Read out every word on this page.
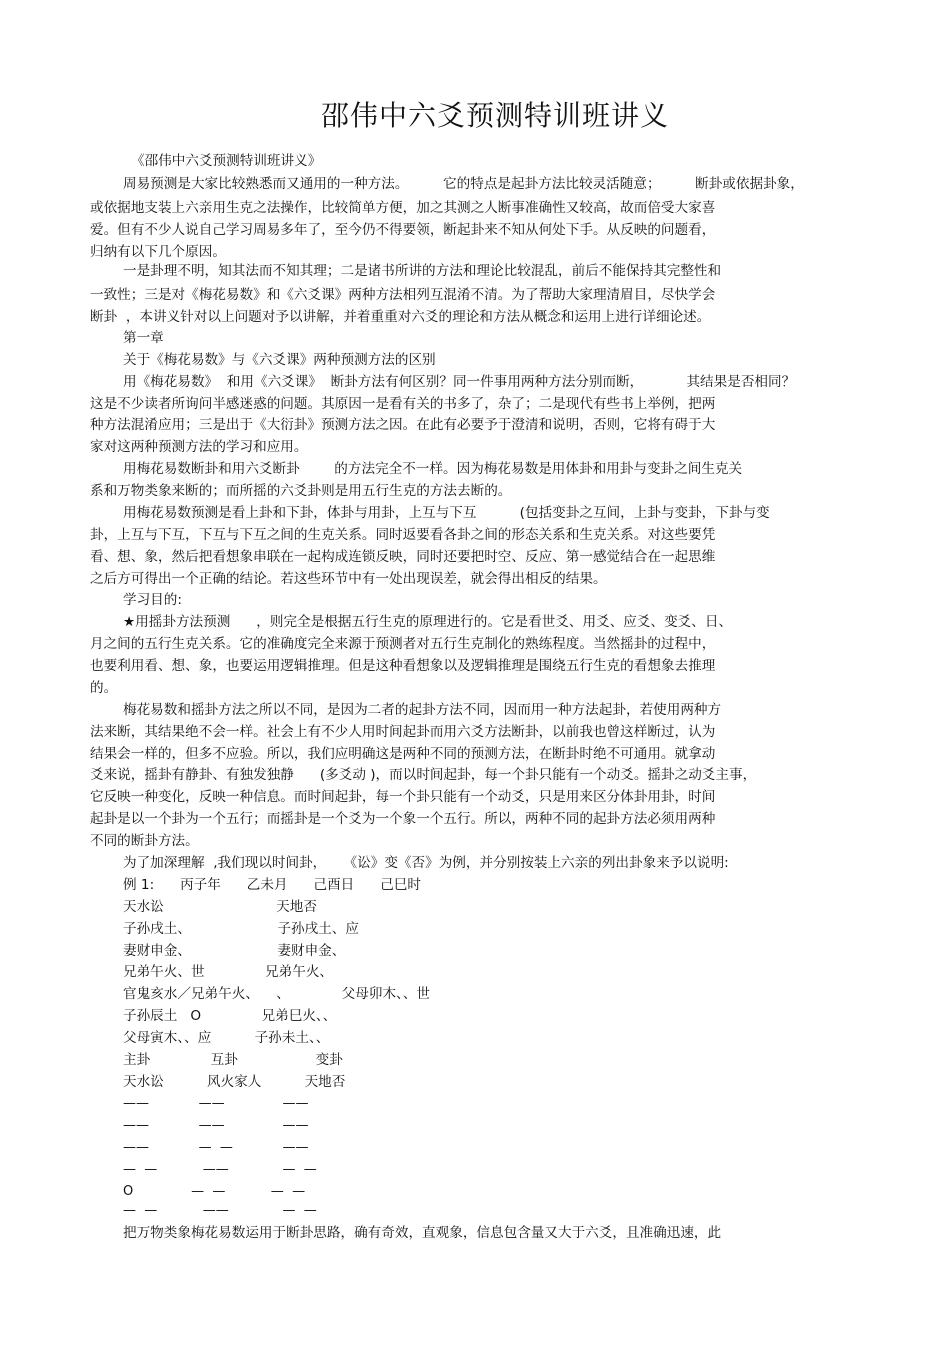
邵伟中六爻预测特训班讲义
《邵伟中六爻预测特训班讲义》
周易预测是大家比较熟悉而又通用的一种方法。        它的特点是起卦方法比较灵活随意；        断卦或依据卦象，
或依据地支装上六亲用生克之法操作，比较简单方便，加之其测之人断事准确性又较高，故而倍受大家喜
爱。但有不少人说自己学习周易多年了，至今仍不得要领，断起卦来不知从何处下手。从反映的问题看，
归纳有以下几个原因。
一是卦理不明，知其法而不知其理；二是诸书所讲的方法和理论比较混乱，前后不能保持其完整性和
一致性；三是对《梅花易数》和《六爻课》两种方法相列互混淆不清。为了帮助大家理清眉目，尽快学会
断卦  ，本讲义针对以上问题对予以讲解，并着重重对六爻的理论和方法从概念和运用上进行详细论述。
第一章
关于《梅花易数》与《六爻课》两种预测方法的区别
用《梅花易数》  和用《六爻课》  断卦方法有何区别？同一件事用两种方法分别而断，          其结果是否相同？
这是不少读者所询问半感迷惑的问题。其原因一是看有关的书多了，杂了；二是现代有些书上举例，把两
种方法混淆应用；三是出于《大衍卦》预测方法之因。在此有必要予于澄清和说明，否则，它将有碍于大
家对这两种预测方法的学习和应用。
用梅花易数断卦和用六爻断卦        的方法完全不一样。因为梅花易数是用体卦和用卦与变卦之间生克关
系和万物类象来断的；而所摇的六爻卦则是用五行生克的方法去断的。
用梅花易数预测是看上卦和下卦，体卦与用卦，上互与下互          (包括变卦之互间，上卦与变卦，下卦与变
卦，上互与下互，下互与下互之间的生克关系。同时返要看各卦之间的形态关系和生克关系。对这些要凭
看、想、象，然后把看想象串联在一起构成连锁反映，同时还要把时空、反应、第一感觉结合在一起思维
之后方可得出一个正确的结论。若这些环节中有一处出现误差，就会得出相反的结果。
学习目的:
★用摇卦方法预测      ，则完全是根据五行生克的原理进行的。它是看世爻、用爻、应爻、变爻、日、
月之间的五行生克关系。它的准确度完全来源于预测者对五行生克制化的熟练程度。当然摇卦的过程中，
也要利用看、想、象，也要运用逻辑推理。但是这种看想象以及逻辑推理是围绕五行生克的看想象去推理
的。
梅花易数和摇卦方法之所以不同，是因为二者的起卦方法不同，因而用一种方法起卦，若使用两种方
法来断，其结果绝不会一样。社会上有不少人用时间起卦而用六爻方法断卦，以前我也曾这样断过，认为
结果会一样的，但多不应验。所以，我们应明确这是两种不同的预测方法，在断卦时绝不可通用。就拿动
爻来说，摇卦有静卦、有独发独静      (多爻动 )，而以时间起卦，每一个卦只能有一个动爻。摇卦之动爻主事，
它反映一种变化，反映一种信息。而时间起卦，每一个卦只能有一个动爻，只是用来区分体卦用卦，时间
起卦是以一个卦为一个五行；而摇卦是一个爻为一个象一个五行。所以，两种不同的起卦方法必须用两种
不同的断卦方法。
为了加深理解  ,我们现以时间卦，    《讼》变《否》为例，并分别按装上六亲的列出卦象来予以说明:
例 1:      丙子年      乙未月      己酉日      己巳时
天水讼                          天地否
子孙戌土、                    子孙戌土、应
妻财申金、                    妻财申金、
兄弟午火、世              兄弟午火、
官鬼亥水／兄弟午火、    、            父母卯木、、世
子孙辰土   O              兄弟巳火、、
父母寅木、、应          子孙未土、、
主卦              互卦                  变卦
天水讼          风火家人          天地否
——            ——              ——
——            ——              ——
——            —  —            ——
—  —           ——             —  —
O              —  —           —  —
—  —           ——             —  —
把万物类象梅花易数运用于断卦思路，确有奇效，直观象，信息包含量又大于六爻，且准确迅速，此
